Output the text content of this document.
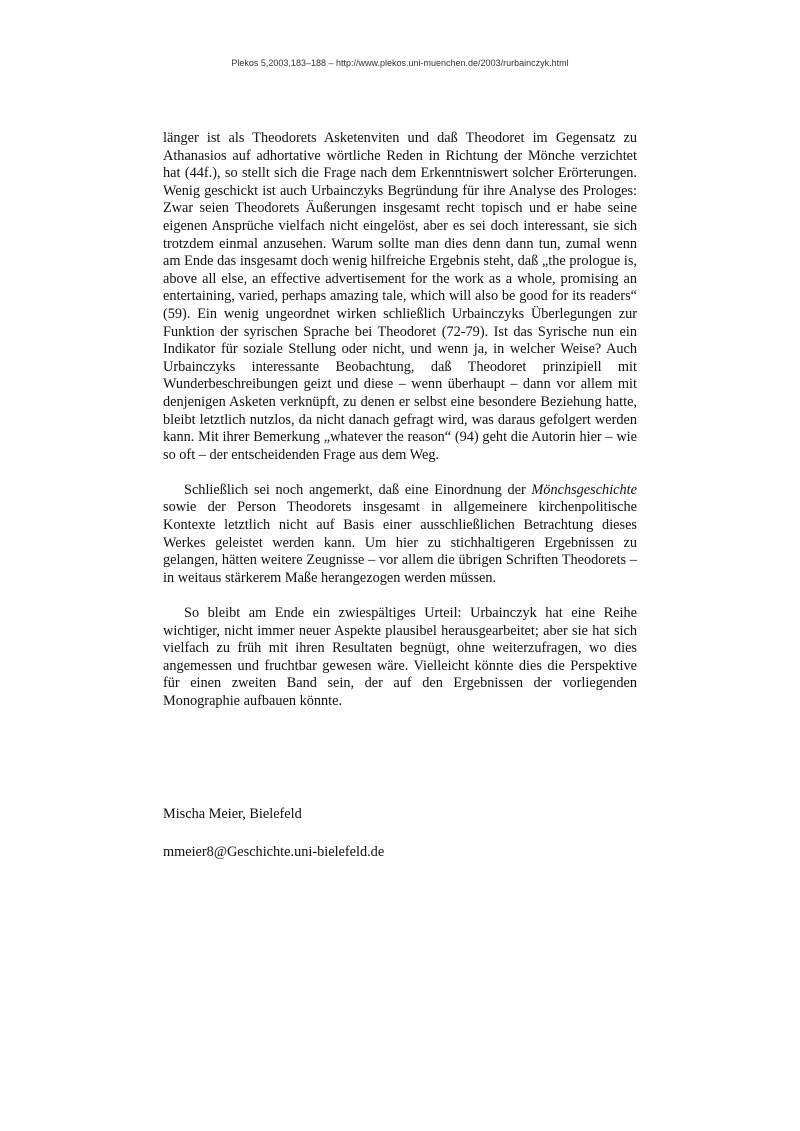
Plekos 5,2003,183–188 – http://www.plekos.uni-muenchen.de/2003/rurbainczyk.html

länger ist als Theodorets Asketenviten und daß Theodoret im Gegensatz zu Athanasios auf adhortative wörtliche Reden in Richtung der Mönche verzichtet hat (44f.), so stellt sich die Frage nach dem Erkenntniswert solcher Erörterungen. Wenig geschickt ist auch Urbainczyks Begründung für ihre Analyse des Prologes: Zwar seien Theodorets Äußerungen insgesamt recht topisch und er habe seine eigenen Ansprüche vielfach nicht eingelöst, aber es sei doch interessant, sie sich trotzdem einmal anzusehen. Warum sollte man dies denn dann tun, zumal wenn am Ende das insgesamt doch wenig hilfreiche Ergebnis steht, daß „the prologue is, above all else, an effective advertisement for the work as a whole, promising an entertaining, varied, perhaps amazing tale, which will also be good for its readers“ (59). Ein wenig ungeordnet wirken schließlich Urbainczyks Überlegungen zur Funktion der syrischen Sprache bei Theodoret (72-79). Ist das Syrische nun ein Indikator für soziale Stellung oder nicht, und wenn ja, in welcher Weise? Auch Urbainczyks interessante Beobachtung, daß Theodoret prinzipiell mit Wunderbeschreibungen geizt und diese – wenn überhaupt – dann vor allem mit denjenigen Asketen verknüpft, zu denen er selbst eine besondere Beziehung hatte, bleibt letztlich nutzlos, da nicht danach gefragt wird, was daraus gefolgert werden kann. Mit ihrer Bemerkung „whatever the reason“ (94) geht die Autorin hier – wie so oft – der entscheidenden Frage aus dem Weg.

Schließlich sei noch angemerkt, daß eine Einordnung der Mönchsgeschichte sowie der Person Theodorets insgesamt in allgemeinere kirchenpolitische Kontexte letztlich nicht auf Basis einer ausschließlichen Betrachtung dieses Werkes geleistet werden kann. Um hier zu stichhaltigeren Ergebnissen zu gelangen, hätten weitere Zeugnisse – vor allem die übrigen Schriften Theodorets – in weitaus stärkerem Maße herangezogen werden müssen.

So bleibt am Ende ein zwiespältiges Urteil: Urbainczyk hat eine Reihe wichtiger, nicht immer neuer Aspekte plausibel herausgearbeitet; aber sie hat sich vielfach zu früh mit ihren Resultaten begnügt, ohne weiterzufragen, wo dies angemessen und fruchtbar gewesen wäre. Vielleicht könnte dies die Perspektive für einen zweiten Band sein, der auf den Ergebnissen der vorliegenden Monographie aufbauen könnte.

Mischa Meier, Bielefeld
mmeier8@Geschichte.uni-bielefeld.de
